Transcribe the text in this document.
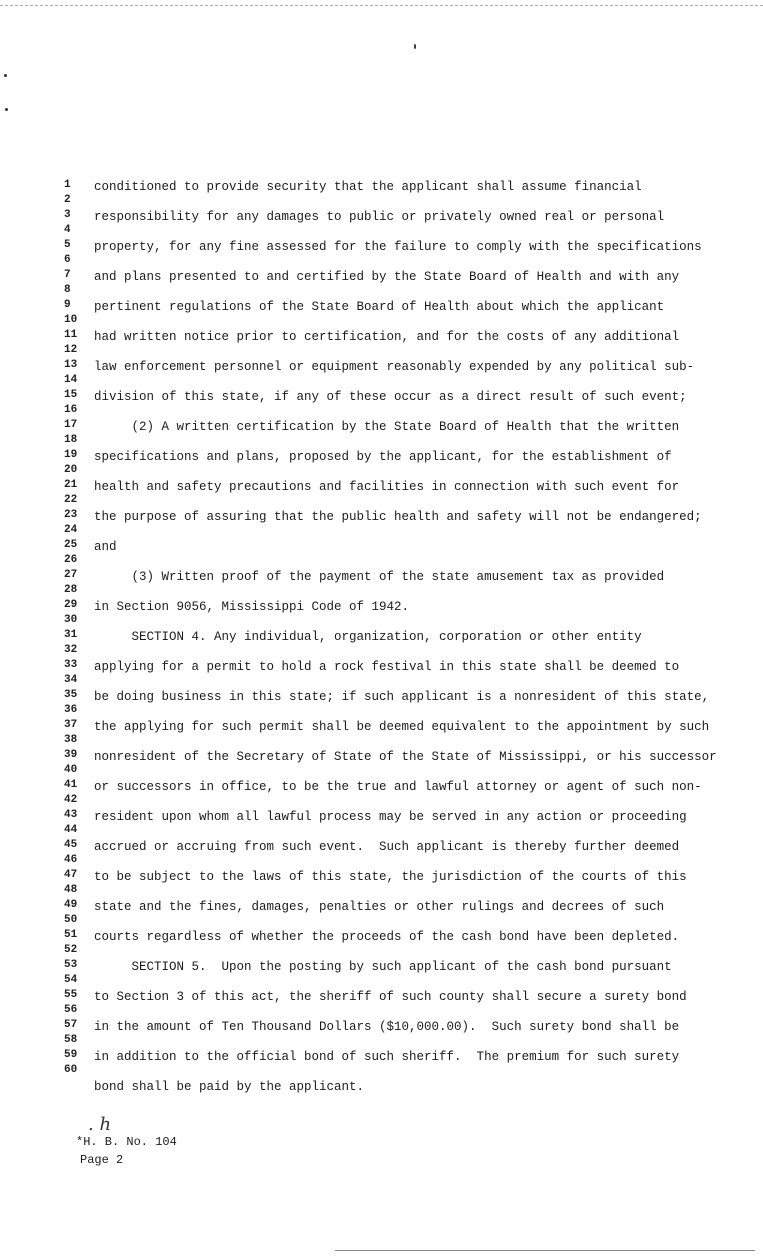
1
2
3
4
5
6
7
8
9
10
11
12
13
14
15
16
17
18
19
20
21
22
23
24
25
26
27
28
29
30
31
32
33
34
35
36
37
38
39
40
41
42
43
44
45
46
47
48
49
50
51
52
53
54
55
56
57
58
59
60
conditioned to provide security that the applicant shall assume financial
responsibility for any damages to public or privately owned real or personal
property, for any fine assessed for the failure to comply with the specifications
and plans presented to and certified by the State Board of Health and with any
pertinent regulations of the State Board of Health about which the applicant
had written notice prior to certification, and for the costs of any additional
law enforcement personnel or equipment reasonably expended by any political sub-
division of this state, if any of these occur as a direct result of such event;
(2) A written certification by the State Board of Health that the written
specifications and plans, proposed by the applicant, for the establishment of
health and safety precautions and facilities in connection with such event for
the purpose of assuring that the public health and safety will not be endangered;
and
(3) Written proof of the payment of the state amusement tax as provided
in Section 9056, Mississippi Code of 1942.
SECTION 4. Any individual, organization, corporation or other entity
applying for a permit to hold a rock festival in this state shall be deemed to
be doing business in this state; if such applicant is a nonresident of this state,
the applying for such permit shall be deemed equivalent to the appointment by such
nonresident of the Secretary of State of the State of Mississippi, or his successor
or successors in office, to be the true and lawful attorney or agent of such non-
resident upon whom all lawful process may be served in any action or proceeding
accrued or accruing from such event.  Such applicant is thereby further deemed
to be subject to the laws of this state, the jurisdiction of the courts of this
state and the fines, damages, penalties or other rulings and decrees of such
courts regardless of whether the proceeds of the cash bond have been depleted.
SECTION 5.  Upon the posting by such applicant of the cash bond pursuant
to Section 3 of this act, the sheriff of such county shall secure a surety bond
in the amount of Ten Thousand Dollars ($10,000.00).  Such surety bond shall be
in addition to the official bond of such sheriff.  The premium for such surety
bond shall be paid by the applicant.
. h
*H. B. No. 104
Page 2
